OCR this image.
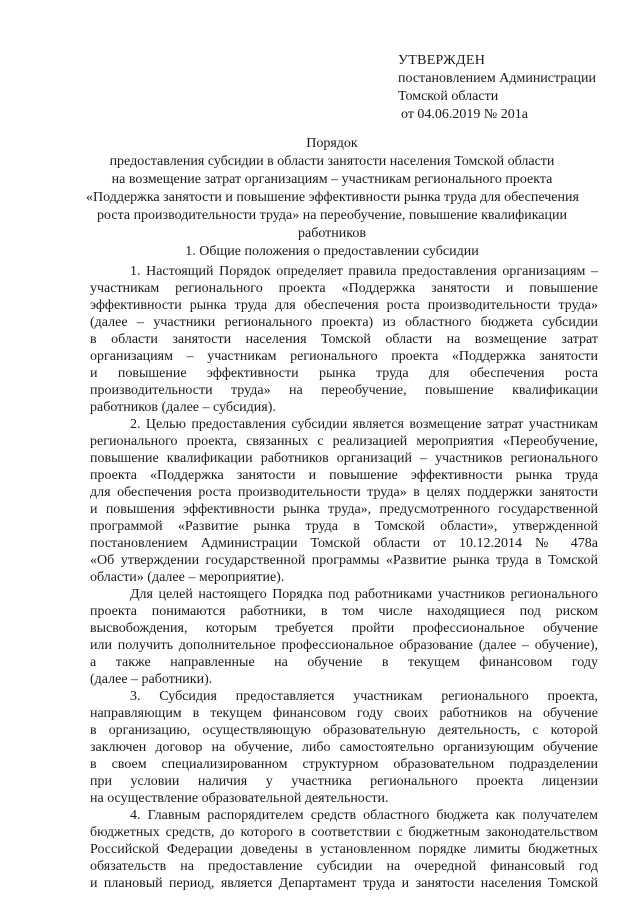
УТВЕРЖДЕН
постановлением Администрации
Томской области
от 04.06.2019 № 201а
Порядок
предоставления субсидии в области занятости населения Томской области
на возмещение затрат организациям – участникам регионального проекта
«Поддержка занятости и повышение эффективности рынка труда для обеспечения
роста производительности труда» на переобучение, повышение квалификации
работников
1. Общие положения о предоставлении субсидии
1. Настоящий Порядок определяет правила предоставления организациям –
участникам регионального проекта «Поддержка занятости и повышение
эффективности рынка труда для обеспечения роста производительности труда»
(далее – участники регионального проекта) из областного бюджета субсидии
в области занятости населения Томской области на возмещение затрат
организациям – участникам регионального проекта «Поддержка занятости
и повышение эффективности рынка труда для обеспечения роста
производительности труда» на переобучение, повышение квалификации
работников (далее – субсидия).
2. Целью предоставления субсидии является возмещение затрат участникам
регионального проекта, связанных с реализацией мероприятия «Переобучение,
повышение квалификации работников организаций – участников регионального
проекта «Поддержка занятости и повышение эффективности рынка труда
для обеспечения роста производительности труда» в целях поддержки занятости
и повышения эффективности рынка труда», предусмотренного государственной
программой «Развитие рынка труда в Томской области», утвержденной
постановлением Администрации Томской области от 10.12.2014 № 478а
«Об утверждении государственной программы «Развитие рынка труда в Томской
области» (далее – мероприятие).
Для целей настоящего Порядка под работниками участников регионального
проекта понимаются работники, в том числе находящиеся под риском
высвобождения, которым требуется пройти профессиональное обучение
или получить дополнительное профессиональное образование (далее – обучение),
а также направленные на обучение в текущем финансовом году
(далее – работники).
3. Субсидия предоставляется участникам регионального проекта,
направляющим в текущем финансовом году своих работников на обучение
в организацию, осуществляющую образовательную деятельность, с которой
заключен договор на обучение, либо самостоятельно организующим обучение
в своем специализированном структурном образовательном подразделении
при условии наличия у участника регионального проекта лицензии
на осуществление образовательной деятельности.
4. Главным распорядителем средств областного бюджета как получателем
бюджетных средств, до которого в соответствии с бюджетным законодательством
Российской Федерации доведены в установленном порядке лимиты бюджетных
обязательств на предоставление субсидии на очередной финансовый год
и плановый период, является Департамент труда и занятости населения Томской
